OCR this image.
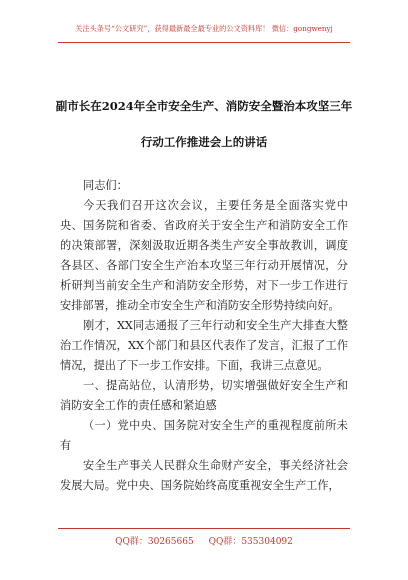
关注头条号“公文研究”，获得最新最全最专业的公文资料库！ 微信：gongwenyj
副市长在2024年全市安全生产、消防安全暨治本攻坚三年
行动工作推进会上的讲话

同志们：

今天我们召开这次会议，主要任务是全面落实党中央、国务院和省委、省政府关于安全生产和消防安全工作的决策部署，深刻汲取近期各类生产安全事故教训，调度各县区、各部门安全生产治本攻坚三年行动开展情况，分析研判当前安全生产和消防安全形势，对下一步工作进行安排部署，推动全市安全生产和消防安全形势持续向好。

刚才，XX同志通报了三年行动和安全生产大排查大整治工作情况，XX个部门和县区代表作了发言，汇报了工作情况，提出了下一步工作安排。下面，我讲三点意见。

一、提高站位，认清形势，切实增强做好安全生产和消防安全工作的责任感和紧迫感

（一）党中央、国务院对安全生产的重视程度前所未有

安全生产事关人民群众生命财产安全，事关经济社会发展大局。党中央、国务院始终高度重视安全生产工作，

QQ群：30265665 QQ群：535304092
